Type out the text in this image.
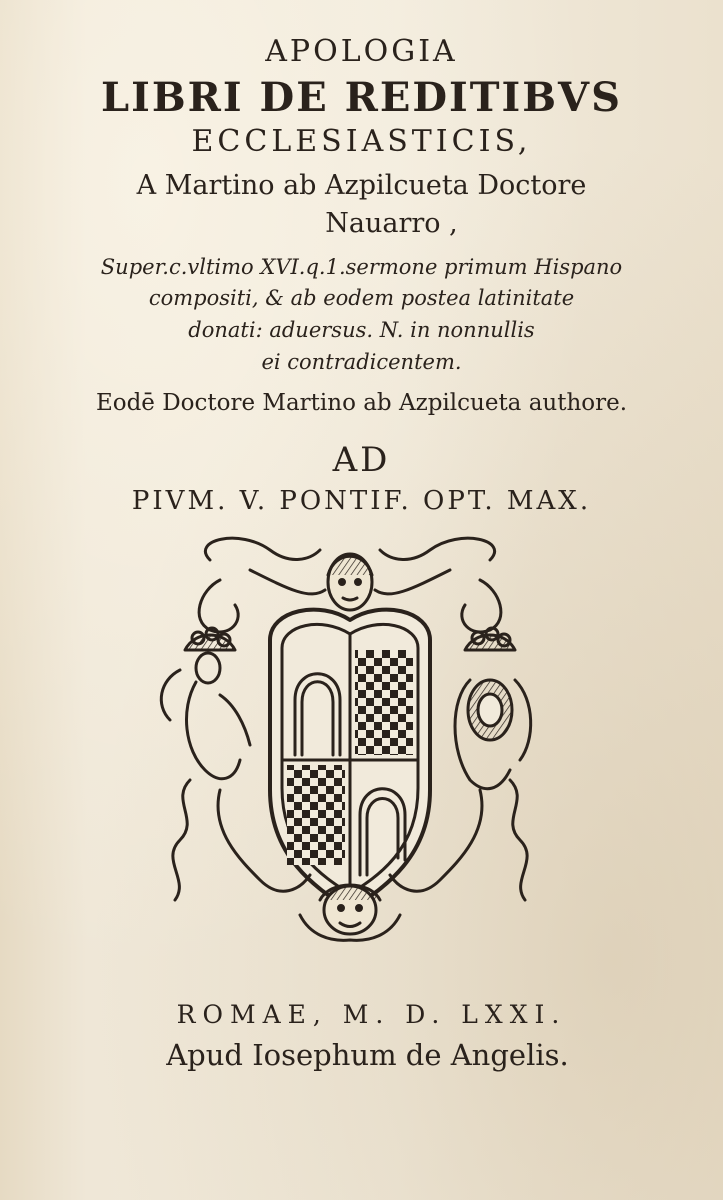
APOLOGIA
LIBRI DE REDITIBVS
ECCLESIASTICIS,
A Martino ab Azpilcueta Doctore
Nauarro ,
Super.c.vltimo XVI.q.1.sermone primum Hispano
compositi, & ab eodem postea latinitate
donati: aduersus. N. in nonnullis
ei contradicentem.
Eodē Doctore Martino ab Azpilcueta authore.
AD
PIVM. V. PONTIF. OPT. MAX.
ROMAE, M. D. LXXI.
Apud Iosephum de Angelis.
